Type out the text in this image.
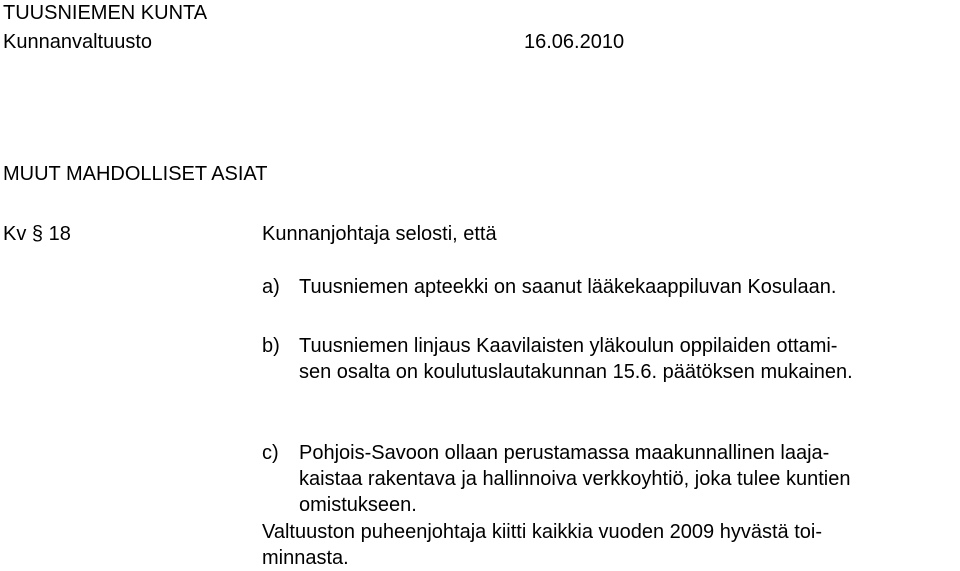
TUUSNIEMEN KUNTA
Kunnanvaltuusto	16.06.2010
MUUT MAHDOLLISET ASIAT
Kv § 18	Kunnanjohtaja selosti, että
a) Tuusniemen apteekki on saanut lääkekaappiluvan Kosulaan.
b) Tuusniemen linjaus Kaavilaisten yläkoulun oppilaiden ottami-
sen osalta on koulutuslautakunnan 15.6. päätöksen mukainen.
c)	Pohjois-Savoon ollaan perustamassa maakunnallinen laaja-
kaistaa rakentava ja hallinnoiva verkkoyhtiö, joka tulee kuntien
omistukseen.
Valtuuston puheenjohtaja kiitti kaikkia vuoden 2009 hyvästä toi-
minnasta.
